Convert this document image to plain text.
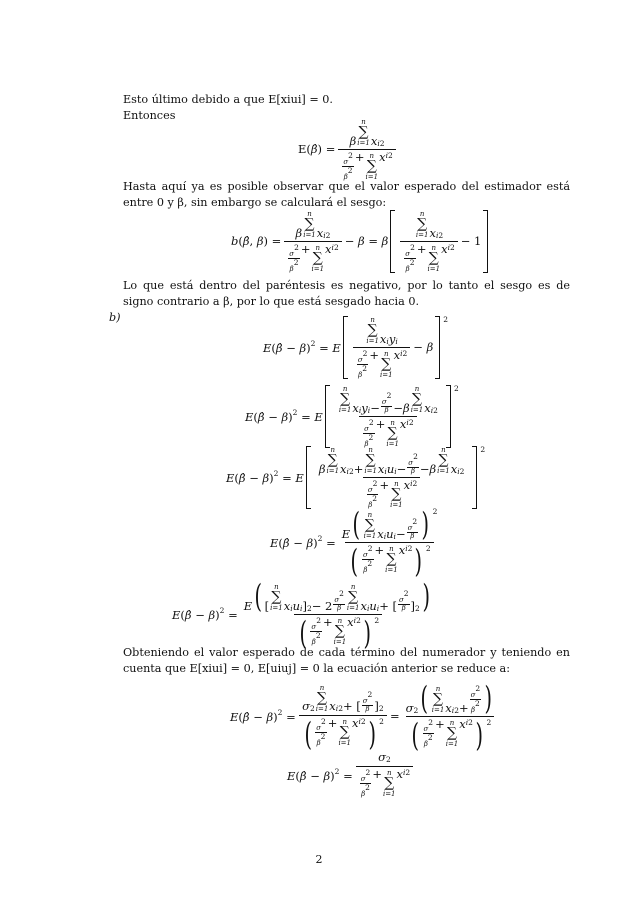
Esto último debido a que E[xiui] = 0.
Entonces
E(β̂) = β
n
∑
i=1 x i 2
$\sigma^2$
$\beta^2$
+ n
∑
i=1
x i 2
Hasta aquí ya es posible observar que el valor esperado del estimador está entre 0 y β, sin embargo se calculará el sesgo:
b(β̂, β) = β
n
∑
i=1 x i 2
$\sigma^2$
$\beta^2$
+ n
∑
i=1
x i 2 − β = β n
∑
i=1 x i 2
$\sigma^2$
$\beta^2$
+ n
∑
i=1
x i 2 − 1
Lo que está dentro del paréntesis es negativo, por lo tanto el sesgo es de signo contrario a β, por lo que está sesgado hacia 0.
b)
E(β̂ − β)$^2$ = E n
∑
i=1 x i y i
$\sigma^2$
$\beta^2$
+ n
∑
i=1
x i 2 − β
2
E(β̂ − β)$^2$ = E n
∑
i=1 x i y $i - \sigma^2$
β − β
n
∑
i=1 x i 2
$\sigma^2$
$\beta^2$
+ n
∑
i=1
x i 2 2
E(β̂ − β)$^2$ = E β
n
∑
i=1 x i 2 +
n
∑
i=1 x i u $i - \sigma^2$
β − β
n
∑
i=1 x i 2
$\sigma^2$
$\beta^2$
+ n
∑
i=1
x i 2 2
E(β̂ − β)$^2$ = E ( n
∑
i=1 x i u $i - \sigma^2$
β ) 2
( $\sigma^2$
$\beta^2$
+ n
∑
i=1
x i 2 ) 2
E(β̂ − β)$^2$ = E ( [
n
∑
i=1 x i u i ] 2 − 2 $\sigma^2$
β
n
∑
i=1 x i u i + [ $\sigma^2$
β ]$_2$ )
( $\sigma^2$
$\beta^2$
+ n
∑
i=1
x i 2 ) 2
Obteniendo el valor esperado de cada término del numerador y teniendo en cuenta que E[xiui] = 0, E[uiuj] = 0 la ecuación anterior se reduce a:
E(β̂ − β)$^2$ = σ 2
n
∑
i=1 x i 2 + [ $\sigma^2$
β ]$_2$
( $\sigma^2$
$\beta^2$
+ n
∑
i=1
x i 2 ) 2 = σ 2 ( n
∑
i=1 x i 2 +
$\sigma^2$
$\beta^2$ )
( $\sigma^2$
$\beta^2$
+ n
∑
i=1
x i 2 ) 2
E(β̂ − β)$^2$ = σ 2
$\sigma^2$
$\beta^2$
+ n
∑
i=1
x i 2
2
